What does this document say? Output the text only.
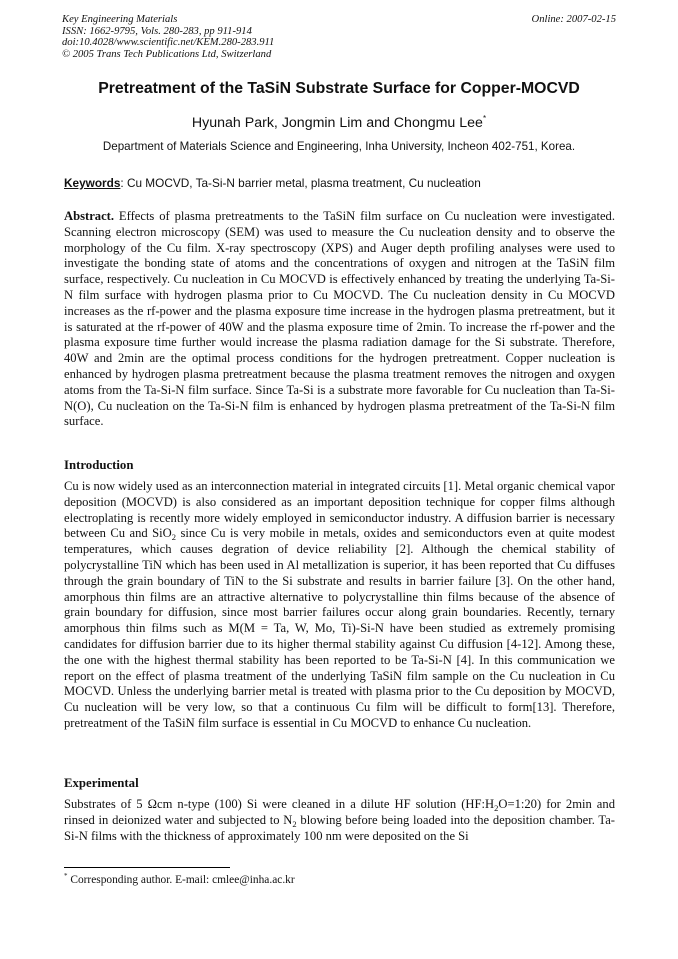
Key Engineering Materials
ISSN: 1662-9795, Vols. 280-283, pp 911-914
doi:10.4028/www.scientific.net/KEM.280-283.911
© 2005 Trans Tech Publications Ltd, Switzerland
Online: 2007-02-15
Pretreatment of the TaSiN Substrate Surface for Copper-MOCVD
Hyunah Park, Jongmin Lim and Chongmu Lee*
Department of Materials Science and Engineering, Inha University, Incheon 402-751, Korea.
Keywords: Cu MOCVD, Ta-Si-N barrier metal, plasma treatment, Cu nucleation

Abstract. Effects of plasma pretreatments to the TaSiN film surface on Cu nucleation were investigated. Scanning electron microscopy (SEM) was used to measure the Cu nucleation density and to observe the morphology of the Cu film. X-ray spectroscopy (XPS) and Auger depth profiling analyses were used to investigate the bonding state of atoms and the concentrations of oxygen and nitrogen at the TaSiN film surface, respectively. Cu nucleation in Cu MOCVD is effectively enhanced by treating the underlying Ta-Si-N film surface with hydrogen plasma prior to Cu MOCVD. The Cu nucleation density in Cu MOCVD increases as the rf-power and the plasma exposure time increase in the hydrogen plasma pretreatment, but it is saturated at the rf-power of 40W and the plasma exposure time of 2min. To increase the rf-power and the plasma exposure time further would increase the plasma radiation damage for the Si substrate. Therefore, 40W and 2min are the optimal process conditions for the hydrogen pretreatment. Copper nucleation is enhanced by hydrogen plasma pretreatment because the plasma treatment removes the nitrogen and oxygen atoms from the Ta-Si-N film surface. Since Ta-Si is a substrate more favorable for Cu nucleation than Ta-Si-N(O), Cu nucleation on the Ta-Si-N film is enhanced by hydrogen plasma pretreatment of the Ta-Si-N film surface.

Introduction

Cu is now widely used as an interconnection material in integrated circuits [1]. Metal organic chemical vapor deposition (MOCVD) is also considered as an important deposition technique for copper films although electroplating is recently more widely employed in semiconductor industry. A diffusion barrier is necessary between Cu and SiO$_2$ since Cu is very mobile in metals, oxides and semiconductors even at quite modest temperatures, which causes degration of device reliability [2]. Although the chemical stability of polycrystalline TiN which has been used in Al metallization is superior, it has been reported that Cu diffuses through the grain boundary of TiN to the Si substrate and results in barrier failure [3]. On the other hand, amorphous thin films are an attractive alternative to polycrystalline thin films because of the absence of grain boundary for diffusion, since most barrier failures occur along grain boundaries. Recently, ternary amorphous thin films such as M(M = Ta, W, Mo, Ti)-Si-N have been studied as extremely promising candidates for diffusion barrier due to its higher thermal stability against Cu diffusion [4-12]. Among these, the one with the highest thermal stability has been reported to be Ta-Si-N [4]. In this communication we report on the effect of plasma treatment of the underlying TaSiN film sample on the Cu nucleation in Cu MOCVD. Unless the underlying barrier metal is treated with plasma prior to the Cu deposition by MOCVD, Cu nucleation will be very low, so that a continuous Cu film will be difficult to form[13]. Therefore, pretreatment of the TaSiN film surface is essential in Cu MOCVD to enhance Cu nucleation.

Experimental

Substrates of 5 Ωcm n-type (100) Si were cleaned in a dilute HF solution $(HF:H_2O=1:20)$ for 2min and rinsed in deionized water and subjected to $N_2$ blowing before being loaded into the deposition chamber. Ta-Si-N films with the thickness of approximately 100 nm were deposited on the Si

* Corresponding author. E-mail: cmlee@inha.ac.kr
